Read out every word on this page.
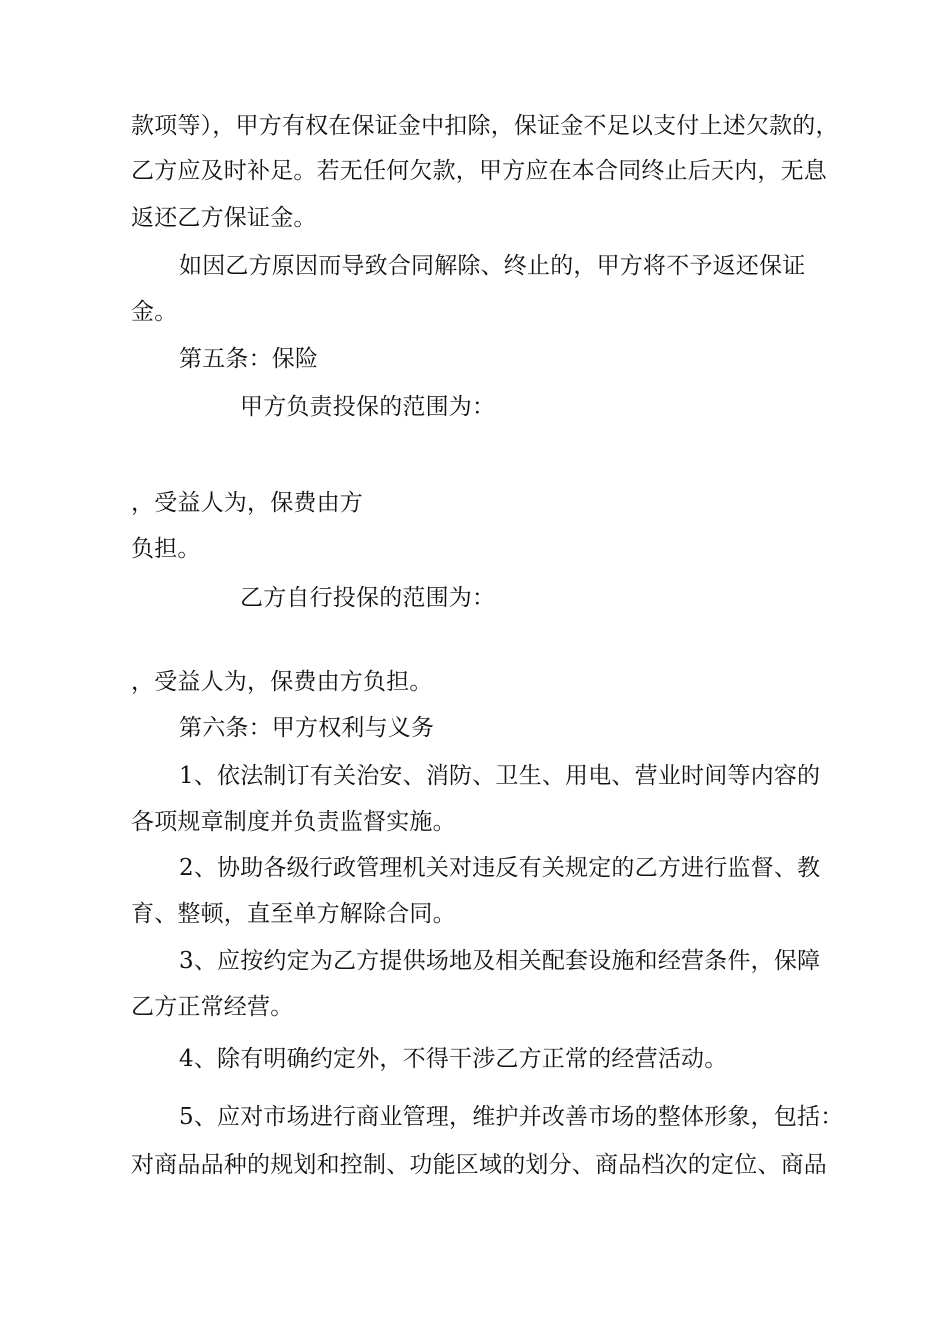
款项等），甲方有权在保证金中扣除，保证金不足以支付上述欠款的，
乙方应及时补足。若无任何欠款，甲方应在本合同终止后天内，无息
返还乙方保证金。
如因乙方原因而导致合同解除、终止的，甲方将不予返还保证
金。
第五条：保险
甲方负责投保的范围为：
，受益人为，保费由方
负担。
乙方自行投保的范围为：
，受益人为，保费由方负担。
第六条：甲方权利与义务
1、依法制订有关治安、消防、卫生、用电、营业时间等内容的
各项规章制度并负责监督实施。
2、协助各级行政管理机关对违反有关规定的乙方进行监督、教
育、整顿，直至单方解除合同。
3、应按约定为乙方提供场地及相关配套设施和经营条件，保障
乙方正常经营。
4、除有明确约定外，不得干涉乙方正常的经营活动。
5、应对市场进行商业管理，维护并改善市场的整体形象，包括：
对商品品种的规划和控制、功能区域的划分、商品档次的定位、商品
